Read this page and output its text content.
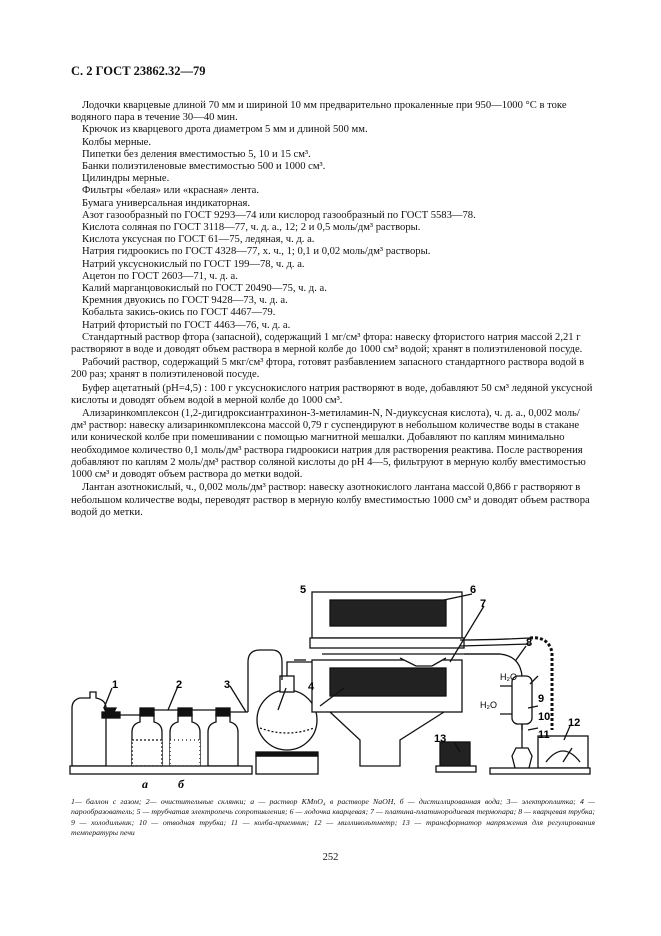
С. 2 ГОСТ 23862.32—79

Лодочки кварцевые длиной 70 мм и шириной 10 мм предварительно прокаленные при 950—1000 °С в токе водяного пара в течение 30—40 мин.

Крючок из кварцевого дрота диаметром 5 мм и длиной 500 мм.

Колбы мерные.

Пипетки без деления вместимостью 5, 10 и 15 см³.

Банки полиэтиленовые вместимостью 500 и 1000 см³.

Цилиндры мерные.

Фильтры «белая» или «красная» лента.

Бумага универсальная индикаторная.

Азот газообразный по ГОСТ 9293—74 или кислород газообразный по ГОСТ 5583—78.

Кислота соляная по ГОСТ 3118—77, ч. д. а., 12; 2 и 0,5 моль/дм³ растворы.

Кислота уксусная по ГОСТ 61—75, ледяная, ч. д. а.

Натрия гидроокись по ГОСТ 4328—77, х. ч., 1; 0,1 и 0,02 моль/дм³ растворы.

Натрий уксуснокислый по ГОСТ 199—78, ч. д. а.

Ацетон по ГОСТ 2603—71, ч. д. а.

Калий марганцовокислый по ГОСТ 20490—75, ч. д. а.

Кремния двуокись по ГОСТ 9428—73, ч. д. а.

Кобальта закись-окись по ГОСТ 4467—79.

Натрий фтористый по ГОСТ 4463—76, ч. д. а.

Стандартный раствор фтора (запасной), содержащий 1 мг/см³ фтора: навеску фтористого натрия массой 2,21 г растворяют в воде и доводят объем раствора в мерной колбе до 1000 см³ водой; хранят в полиэтиленовой посуде.

Рабочий раствор, содержащий 5 мкг/см³ фтора, готовят разбавлением запасного стандартного раствора водой в 200 раз; хранят в полиэтиленовой посуде.

Буфер ацетатный (pH=4,5) : 100 г уксуснокислого натрия растворяют в воде, добавляют 50 см³ ледяной уксусной кислоты и доводят объем водой в мерной колбе до 1000 см³.

Ализаринкомплексон (1,2-дигидроксиантрахинон-3-метиламин-N, N-диуксусная кислота), ч. д. а., 0,002 моль/дм³ раствор: навеску ализаринкомплексона массой 0,79 г суспендируют в небольшом количестве воды в стакане или конической колбе при помешивании с помощью магнитной мешалки. Добавляют по каплям минимально необходимое количество 0,1 моль/дм³ раствора гидроокиси натрия для растворения реактива. После растворения добавляют по каплям 2 моль/дм³ раствор соляной кислоты до pH 4—5, фильтруют в мерную колбу вместимостью 1000 см³ и доводят объем раствора до метки водой.

Лантан азотнокислый, ч., 0,002 моль/дм³ раствор: навеску азотнокислого лантана массой 0,866 г растворяют в небольшом количестве воды, переводят раствор в мерную колбу вместимостью 1000 см³ и доводят объем раствора водой до метки.

1	2	3	4
5	6
7
8
9
10
11
12
13
а	б
H₂O
H₂O
1— баллон с газом; 2— очистительные склянки; а — раствор KMnO₄ в растворе NaOH, б — дистиллированная вода; 3— электроплитка; 4 — парообразователь; 5 — трубчатая электропечь сопротивления; 6 — лодочка кварцевая; 7 — платина-платинородиевая термопара; 8 — кварцевая трубка; 9 — холодильник; 10 — отводная трубка; 11 — колба-приемник; 12 — милливольтметр; 13 — трансформатор напряжения для регулирования температуры печи
252
